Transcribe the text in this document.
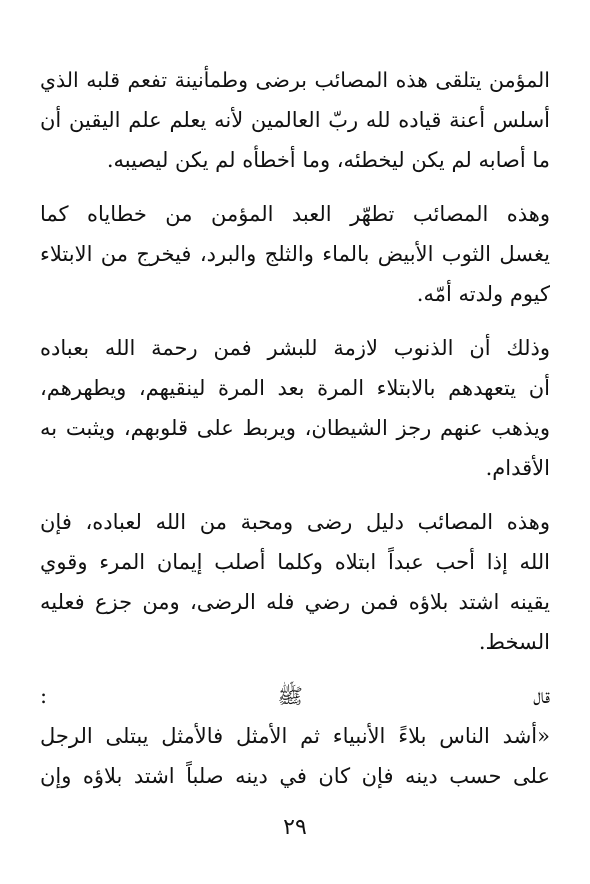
المؤمن يتلقى هذه المصائب برضى وطمأنينة تفعم قلبه الذي

أسلس أعنة قياده لله ربّ العالمين لأنه يعلم علم اليقين أن

ما أصابه لم يكن ليخطئه، وما أخطأه لم يكن ليصيبه.

وهذه المصائب تطهّر العبد المؤمن من خطاياه كما

يغسل الثوب الأبيض بالماء والثلج والبرد، فيخرج من الابتلاء

كيوم ولدته أمّه.

وذلك أن الذنوب لازمة للبشر فمن رحمة الله بعباده

أن يتعهدهم بالابتلاء المرة بعد المرة لينقيهم، ويطهرهم،

ويذهب عنهم رجز الشيطان، ويربط على قلوبهم، ويثبت به

الأقدام.

وهذه المصائب دليل رضى ومحبة من الله لعباده، فإن

الله إذا أحب عبداً ابتلاه وكلما أصلب إيمان المرء وقوي

يقينه اشتد بلاؤه فمن رضي فله الرضى، ومن جزع فعليه

السخط.

قال ﷺ :

«أشد الناس بلاءً الأنبياء ثم الأمثل فالأمثل يبتلى الرجل

على حسب دينه فإن كان في دينه صلباً اشتد بلاؤه وإن

٢٩
